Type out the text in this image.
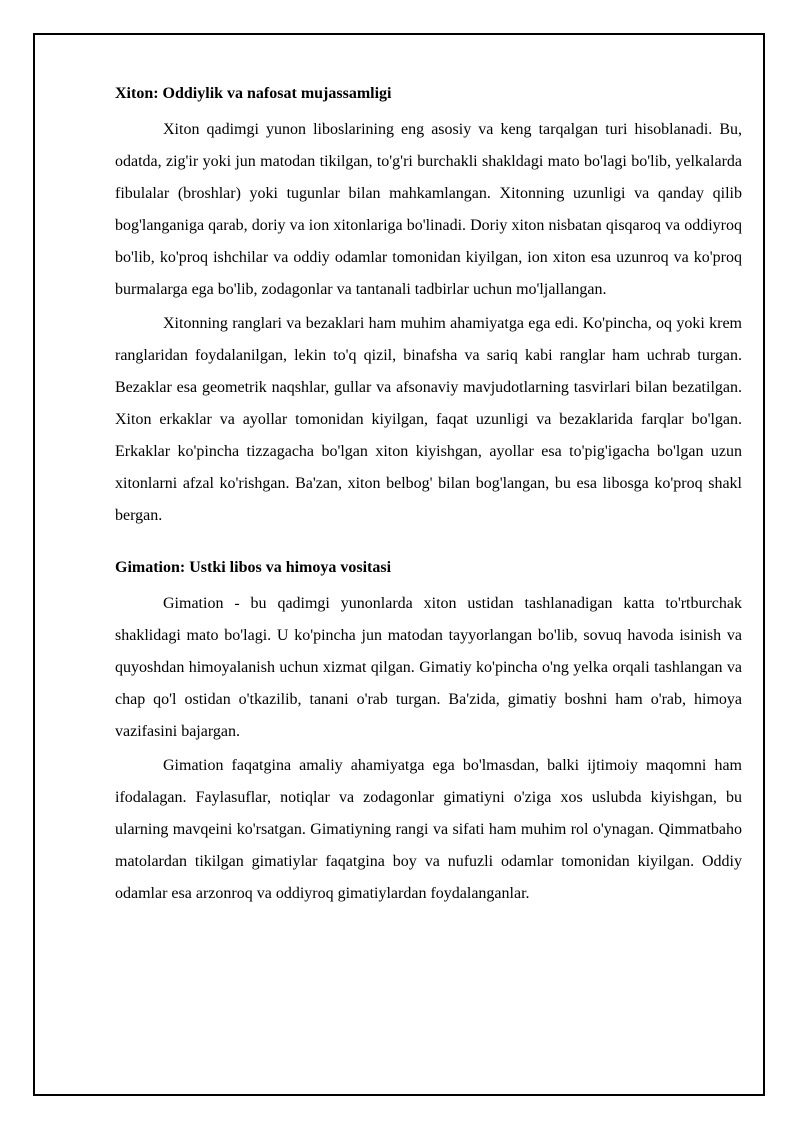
Xiton: Oddiylik va nafosat mujassamligi

Xiton qadimgi yunon liboslarining eng asosiy va keng tarqalgan turi hisoblanadi. Bu, odatda, zig'ir yoki jun matodan tikilgan, to'g'ri burchakli shakldagi mato bo'lagi bo'lib, yelkalarda fibulalar (broshlar) yoki tugunlar bilan mahkamlangan. Xitonning uzunligi va qanday qilib bog'langaniga qarab, doriy va ion xitonlariga bo'linadi. Doriy xiton nisbatan qisqaroq va oddiyroq bo'lib, ko'proq ishchilar va oddiy odamlar tomonidan kiyilgan, ion xiton esa uzunroq va ko'proq burmalarga ega bo'lib, zodagonlar va tantanali tadbirlar uchun mo'ljallangan.

Xitonning ranglari va bezaklari ham muhim ahamiyatga ega edi. Ko'pincha, oq yoki krem ranglaridan foydalanilgan, lekin to'q qizil, binafsha va sariq kabi ranglar ham uchrab turgan. Bezaklar esa geometrik naqshlar, gullar va afsonaviy mavjudotlarning tasvirlari bilan bezatilgan. Xiton erkaklar va ayollar tomonidan kiyilgan, faqat uzunligi va bezaklarida farqlar bo'lgan. Erkaklar ko'pincha tizzagacha bo'lgan xiton kiyishgan, ayollar esa to'pig'igacha bo'lgan uzun xitonlarni afzal ko'rishgan. Ba'zan, xiton belbog' bilan bog'langan, bu esa libosga ko'proq shakl bergan.

Gimation: Ustki libos va himoya vositasi

Gimation - bu qadimgi yunonlarda xiton ustidan tashlanadigan katta to'rtburchak shaklidagi mato bo'lagi. U ko'pincha jun matodan tayyorlangan bo'lib, sovuq havoda isinish va quyoshdan himoyalanish uchun xizmat qilgan. Gimatiy ko'pincha o'ng yelka orqali tashlangan va chap qo'l ostidan o'tkazilib, tanani o'rab turgan. Ba'zida, gimatiy boshni ham o'rab, himoya vazifasini bajargan.

Gimation faqatgina amaliy ahamiyatga ega bo'lmasdan, balki ijtimoiy maqomni ham ifodalagan. Faylasuflar, notiqlar va zodagonlar gimatiyni o'ziga xos uslubda kiyishgan, bu ularning mavqeini ko'rsatgan. Gimatiyning rangi va sifati ham muhim rol o'ynagan. Qimmatbaho matolardan tikilgan gimatiylar faqatgina boy va nufuzli odamlar tomonidan kiyilgan. Oddiy odamlar esa arzonroq va oddiyroq gimatiylardan foydalanganlar.
